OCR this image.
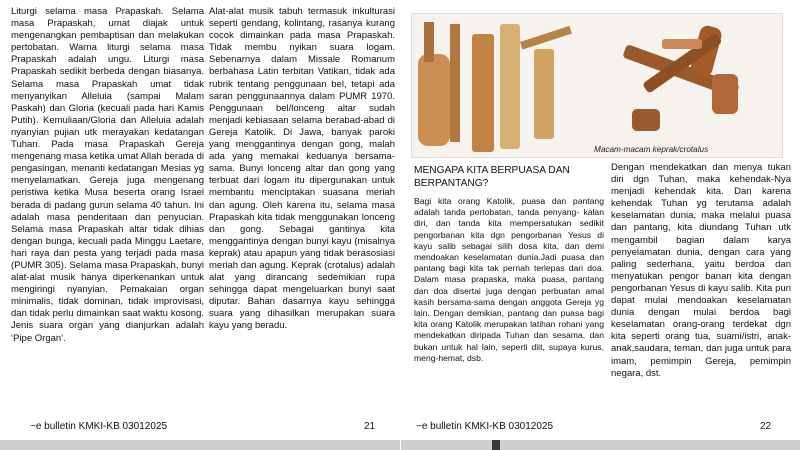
Liturgi selama masa Prapaskah. Selama masa Prapaskah, umat diajak untuk mengenangkan pembaptisan dan melakukan pertobatan. Warna liturgi selama masa Prapaskah adalah ungu. Liturgi masa Prapaskah sedikit berbeda dengan biasanya. Selama masa Prapaskah umat tidak menyanyikan Alleluia (sampai Malam Paskah) dan Gloria (kecuali pada hari Kamis Putih). Kemuliaan/Gloria dan Alleluia adalah nyanyian pujian utk merayakan kedatangan Tuhan. Pada masa Prapaskah Gereja mengenang masa ketika umat Allah berada di pengasingan, menanti kedatangan Mesias yg menyelamatkan. Gereja juga mengenang peristiwa ketika Musa beserta orang Israel berada di padang gurun selama 40 tahun. Ini adalah masa penderitaan dan penyucian. Selama masa Prapaskah altar tidak dihias dengan bunga, kecuali pada Minggu Laetare, hari raya dan pesta yang terjadi pada masa (PUMR 305). Selama masa Prapaskah, bunyi alat-alat musik hanya diperkenankan untuk mengiringi nyanyian. Pemakaian organ minimalis, tidak dominan, tidak improvisasi, dan tidak perlu dimainkan saat waktu kosong. Jenis suara organ yang dianjurkan adalah ‘Pipe Organ’.

Alat-alat musik tabuh termasuk inkulturasi seperti gendang, kolintang, rasanya kurang cocok dimainkan pada masa Prapaskah. Tidak membu nyikan suara logam. Sebenarnya dalam Missale Romanum berbahasa Latin terbitan Vatikan, tidak ada rubrik tentang penggunaan bel, tetapi ada saran penggunaannya dalam PUMR 1970. Penggunaan bel/lonceng altar sudah menjadi kebiasaan selama berabad-abad di Gereja Katolik. Di Jawa, banyak paroki yang menggantinya dengan gong, malah ada yang memakai keduanya bersama-sama. Bunyi lonceng altar dan gong yang terbuat dari logam itu dipergunakan untuk membantu menciptakan suasana meriah dan agung. Oleh karena itu, selama masa Prapaskah kita tidak menggunakan lonceng dan gong. Sebagai gantinya kita menggantinya dengan bunyi kayu (misalnya keprak) atau apapun yang tidak berasosiasi meriah dan agung. Keprak (crotalus) adalah alat yang dirancang sedemikian rupa sehingga dapat mengeluarkan bunyi saat diputar. Bahan dasarnya kayu sehingga suara yang dihasilkan merupakan suara kayu yang beradu.

~e bulletin KMKI-KB 03012025	21
Macam-macam keprak/crotalus

MENGAPA KITA BERPUASA DAN BERPANTANG?

Bagi kita orang Katolik, puasa dan pantang adalah tanda pertobatan, tanda penyang- kalan diri, dan tanda kita mempersatukan sedikit pengorbanan kita dgn pengorbanan Yesus di kayu salib sebagai silih dosa kita, dan demi mendoakan keselamatan dunia.Jadi puasa dan pantang bagi kita tak pernah terlepas dari doa. Dalam masa prapaska, maka puasa, pantang dan doa disertai juga dengan perbuatan amal kasih bersama-sama dengan anggota Gereja yg lain. Dengan demikian, pantang dan puasa bagi kita orang Katolik merupakan latihan rohani yang mendekatkan diripada Tuhan dan sesama, dan bukan untuk hal lain, seperti diit, supaya kurus, meng-hemat, dsb.

Dengan mendekatkan dan menya tukan diri dgn Tuhan, maka kehendak-Nya menjadi kehendak kita. Dan karena kehendak Tuhan yg terutama adalah keselamatan dunia, maka melalui puasa dan pantang, kita diundang Tuhan utk mengambil bagian dalam karya penyelamatan dunia, dengan cara yang paling sederhana, yaitu berdoa dan menyatukan pengor banan kita dengan pengorbanan Yesus di kayu salib. Kita pun dapat mulai mendoakan keselamatan dunia dengan mulai berdoa bagi keselamatan orang-orang terdekat dgn kita seperti orang tua, suami/istri, anak-anak,saudara, teman, dan juga untuk para imam, pemimpin Gereja, pemimpin negara, dst.

~e bulletin KMKI-KB 03012025	22
